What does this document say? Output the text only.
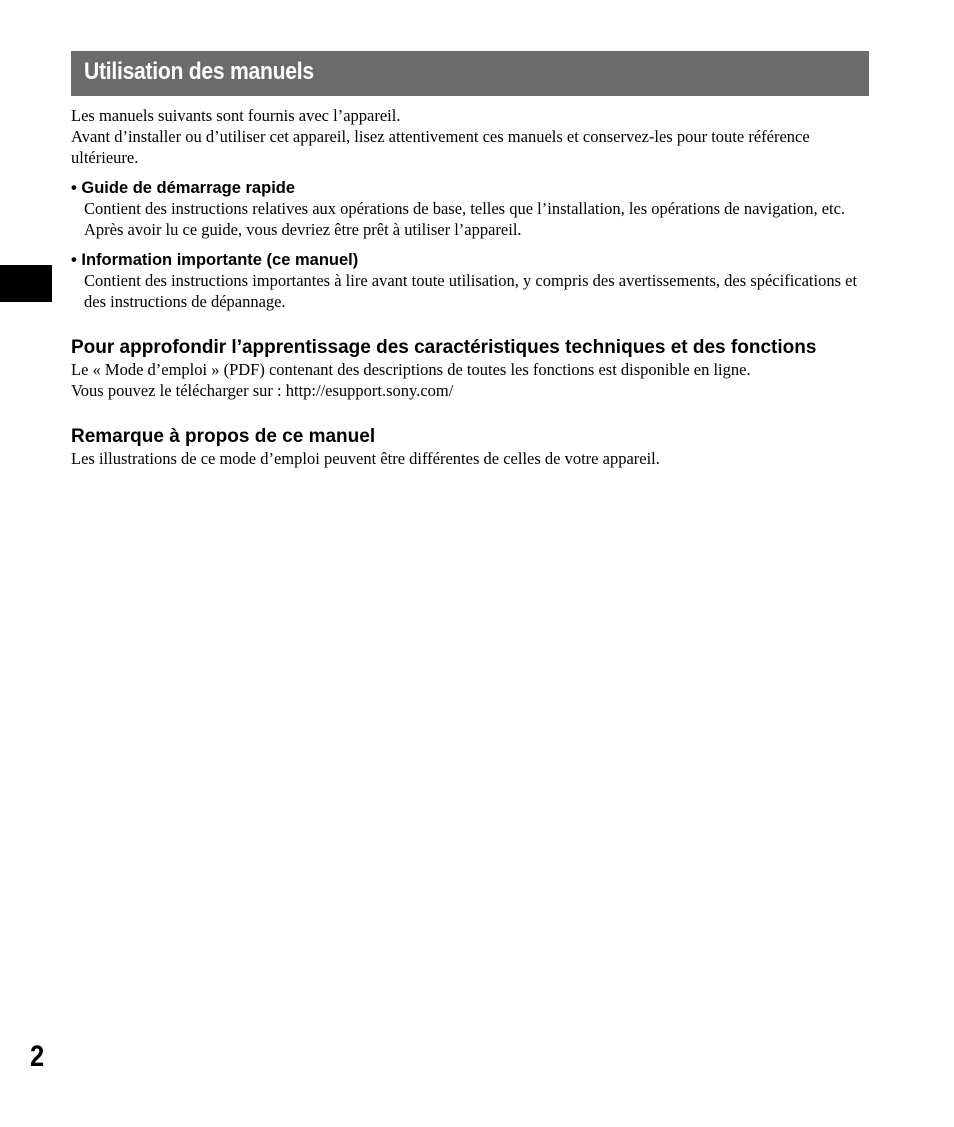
Utilisation des manuels

Les manuels suivants sont fournis avec l’appareil.

Avant d’installer ou d’utiliser cet appareil, lisez attentivement ces manuels et conservez-les pour toute référence ultérieure.

• Guide de démarrage rapide

Contient des instructions relatives aux opérations de base, telles que l’installation, les opérations de navigation, etc.

Après avoir lu ce guide, vous devriez être prêt à utiliser l’appareil.

• Information importante (ce manuel)

Contient des instructions importantes à lire avant toute utilisation, y compris des avertissements, des spécifications et des instructions de dépannage.

Pour approfondir l’apprentissage des caractéristiques techniques et des fonctions

Le « Mode d’emploi » (PDF) contenant des descriptions de toutes les fonctions est disponible en ligne.

Vous pouvez le télécharger sur : http://esupport.sony.com/

Remarque à propos de ce manuel

Les illustrations de ce mode d’emploi peuvent être différentes de celles de votre appareil.

2
